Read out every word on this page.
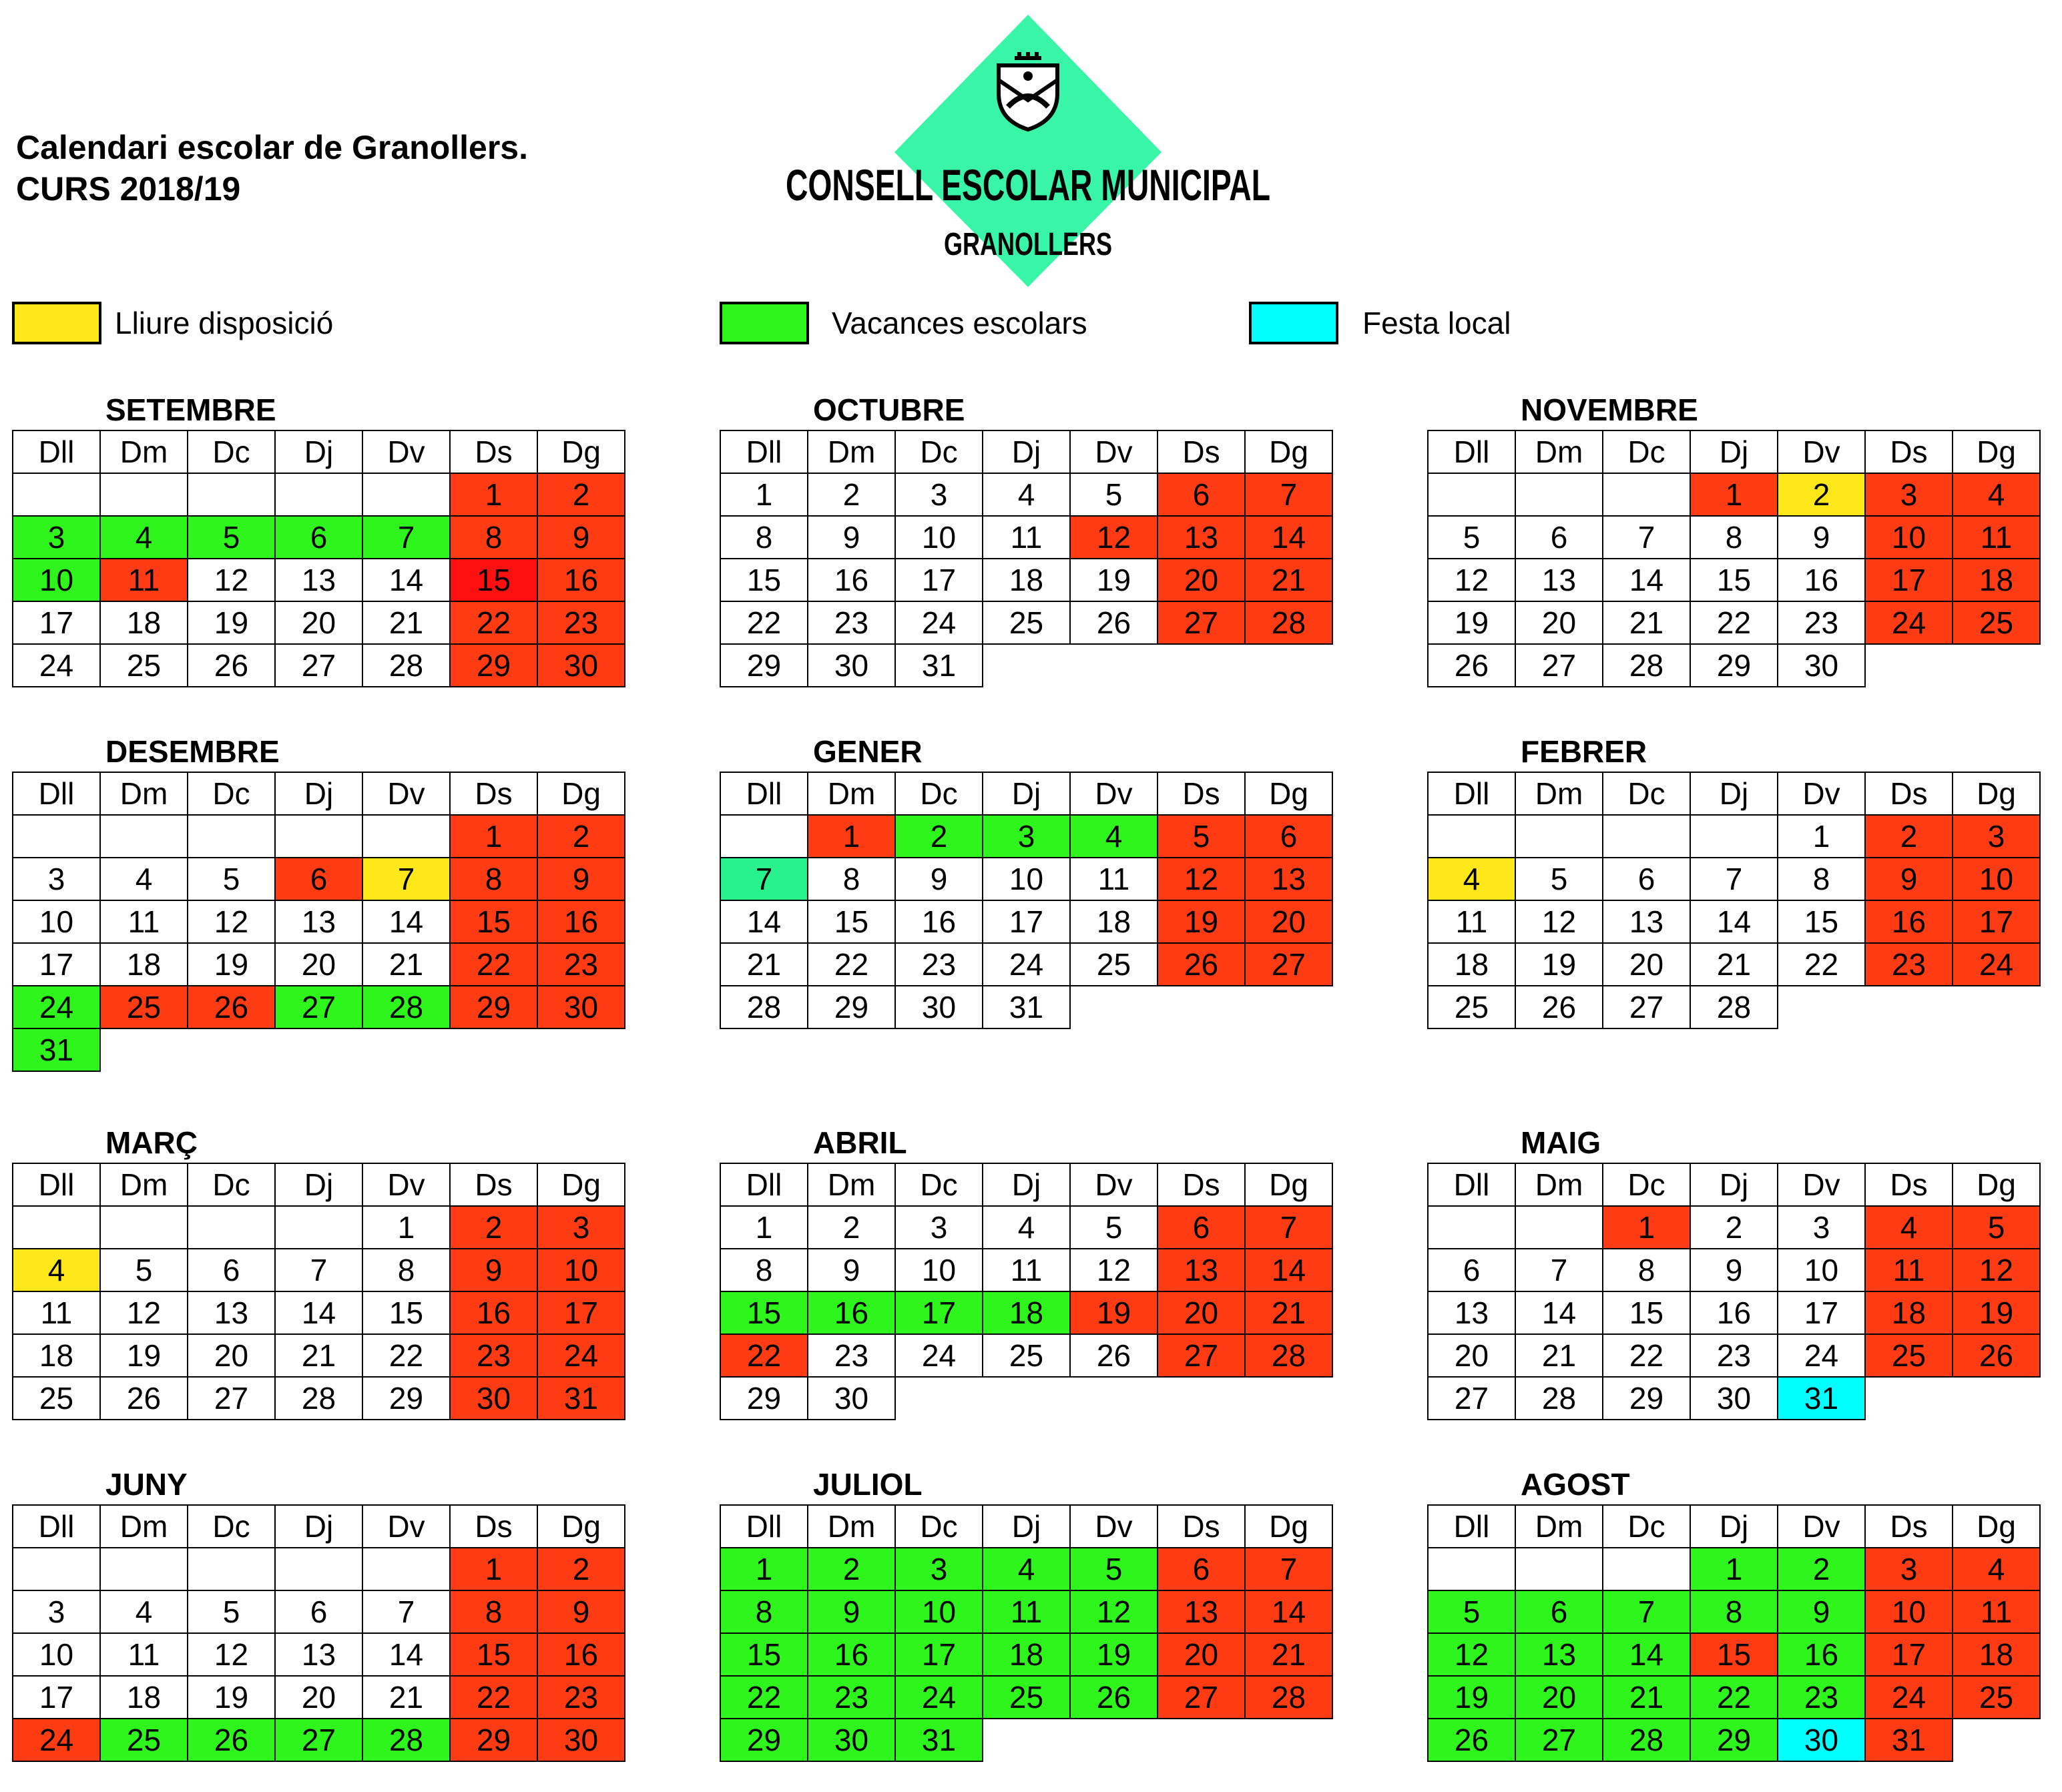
Calendari escolar de Granollers.
CURS 2018/19	CONSELL ESCOLAR MUNICIPAL
GRANOLLERS
Lliure disposició	Vacances escolars	Festa local
SETEMBRE
Dll	Dm	Dc	Dj	Dv	Ds	Dg
					1	2
3	4	5	6	7	8	9
10	11	12	13	14	15	16
17	18	19	20	21	22	23
24	25	26	27	28	29	30
OCTUBRE
Dll	Dm	Dc	Dj	Dv	Ds	Dg
1	2	3	4	5	6	7
8	9	10	11	12	13	14
15	16	17	18	19	20	21
22	23	24	25	26	27	28
29	30	31				
NOVEMBRE
Dll	Dm	Dc	Dj	Dv	Ds	Dg
			1	2	3	4
5	6	7	8	9	10	11
12	13	14	15	16	17	18
19	20	21	22	23	24	25
26	27	28	29	30		
DESEMBRE
Dll	Dm	Dc	Dj	Dv	Ds	Dg
					1	2
3	4	5	6	7	8	9
10	11	12	13	14	15	16
17	18	19	20	21	22	23
24	25	26	27	28	29	30
31						
GENER
Dll	Dm	Dc	Dj	Dv	Ds	Dg
	1	2	3	4	5	6
7	8	9	10	11	12	13
14	15	16	17	18	19	20
21	22	23	24	25	26	27
28	29	30	31			
FEBRER
Dll	Dm	Dc	Dj	Dv	Ds	Dg
				1	2	3
4	5	6	7	8	9	10
11	12	13	14	15	16	17
18	19	20	21	22	23	24
25	26	27	28			
MARÇ
Dll	Dm	Dc	Dj	Dv	Ds	Dg
				1	2	3
4	5	6	7	8	9	10
11	12	13	14	15	16	17
18	19	20	21	22	23	24
25	26	27	28	29	30	31
ABRIL
Dll	Dm	Dc	Dj	Dv	Ds	Dg
1	2	3	4	5	6	7
8	9	10	11	12	13	14
15	16	17	18	19	20	21
22	23	24	25	26	27	28
29	30					
MAIG
Dll	Dm	Dc	Dj	Dv	Ds	Dg
		1	2	3	4	5
6	7	8	9	10	11	12
13	14	15	16	17	18	19
20	21	22	23	24	25	26
27	28	29	30	31		
JUNY
Dll	Dm	Dc	Dj	Dv	Ds	Dg
					1	2
3	4	5	6	7	8	9
10	11	12	13	14	15	16
17	18	19	20	21	22	23
24	25	26	27	28	29	30
JULIOL
Dll	Dm	Dc	Dj	Dv	Ds	Dg
1	2	3	4	5	6	7
8	9	10	11	12	13	14
15	16	17	18	19	20	21
22	23	24	25	26	27	28
29	30	31				
AGOST
Dll	Dm	Dc	Dj	Dv	Ds	Dg
			1	2	3	4
5	6	7	8	9	10	11
12	13	14	15	16	17	18
19	20	21	22	23	24	25
26	27	28	29	30	31	
